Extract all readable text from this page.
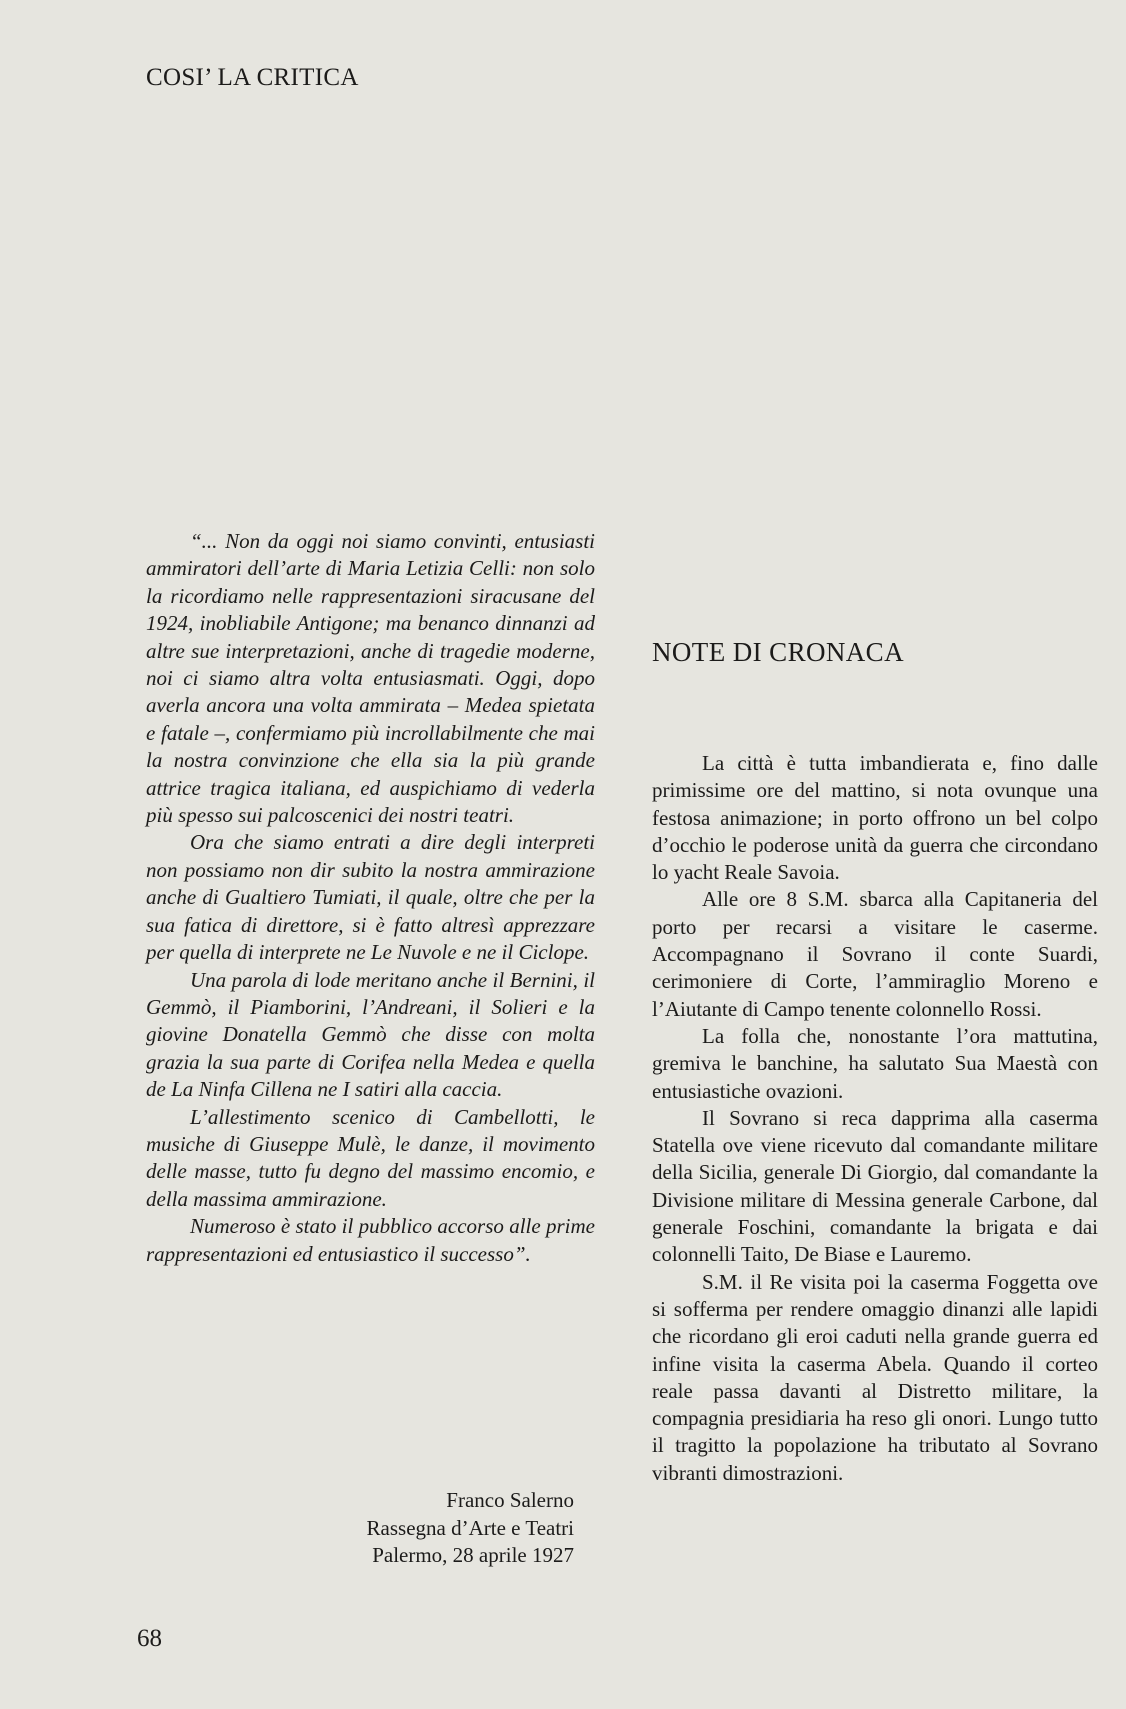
COSI’ LA CRITICA

“... Non da oggi noi siamo convinti, entusiasti ammiratori dell’arte di Maria Letizia Celli: non solo la ricordiamo nelle rappresentazioni siracusane del 1924, inobliabile Antigone; ma benanco dinnanzi ad altre sue interpretazioni, anche di tragedie moderne, noi ci siamo altra volta entusiasmati. Oggi, dopo averla ancora una volta ammirata – Medea spietata e fatale –, confermiamo più incrollabilmente che mai la nostra convinzione che ella sia la più grande attrice tragica italiana, ed auspichiamo di vederla più spesso sui palcoscenici dei nostri teatri.

Ora che siamo entrati a dire degli interpreti non possiamo non dir subito la nostra ammirazione anche di Gualtiero Tumiati, il quale, oltre che per la sua fatica di direttore, si è fatto altresì apprezzare per quella di interprete ne Le Nuvole e ne il Ciclope.

Una parola di lode meritano anche il Bernini, il Gemmò, il Piamborini, l’Andreani, il Solieri e la giovine Donatella Gemmò che disse con molta grazia la sua parte di Corifea nella Medea e quella de La Ninfa Cillena ne I satiri alla caccia.

L’allestimento scenico di Cambellotti, le musiche di Giuseppe Mulè, le danze, il movimento delle masse, tutto fu degno del massimo encomio, e della massima ammirazione.

Numeroso è stato il pubblico accorso alle prime rappresentazioni ed entusiastico il successo”.

Franco Salerno
Rassegna d’Arte e Teatri
Palermo, 28 aprile 1927
NOTE DI CRONACA

La città è tutta imbandierata e, fino dalle primissime ore del mattino, si nota ovunque una festosa animazione; in porto offrono un bel colpo d’occhio le poderose unità da guerra che circondano lo yacht Reale Savoia.

Alle ore 8 S.M. sbarca alla Capitaneria del porto per recarsi a visitare le caserme. Accompagnano il Sovrano il conte Suardi, cerimoniere di Corte, l’ammiraglio Moreno e l’Aiutante di Campo tenente colonnello Rossi.

La folla che, nonostante l’ora mattutina, gremiva le banchine, ha salutato Sua Maestà con entusiastiche ovazioni.

Il Sovrano si reca dapprima alla caserma Statella ove viene ricevuto dal comandante militare della Sicilia, generale Di Giorgio, dal comandante la Divisione militare di Messina generale Carbone, dal generale Foschini, comandante la brigata e dai colonnelli Taito, De Biase e Lauremo.

S.M. il Re visita poi la caserma Foggetta ove si sofferma per rendere omaggio dinanzi alle lapidi che ricordano gli eroi caduti nella grande guerra ed infine visita la caserma Abela. Quando il corteo reale passa davanti al Distretto militare, la compagnia presidiaria ha reso gli onori. Lungo tutto il tragitto la popolazione ha tributato al Sovrano vibranti dimostrazioni.

68
